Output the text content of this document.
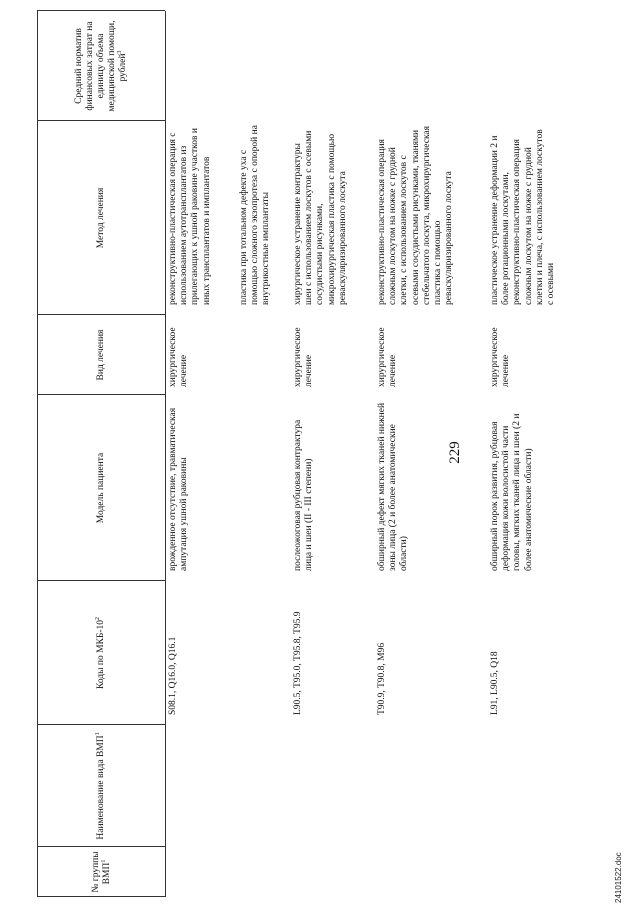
229
24101522.doc
№ группы ВМП$^1$
Наименование вида ВМП$^1$
Коды по МКБ-$10^2$
Модель пациента
Вид лечения
Метод лечения
Средний норматив финансовых затрат на единицу объема медицинской помощи, рублей$^3$
S08.1, Q16.0, Q16.1
врожденное отсутствие, травматическая ампутация ушной раковины
хирургическое лечение
реконструктивно-пластическая операция с использованием аутотрансплантатов из прилегающих к ушной раковине участков и иных трансплантатов и имплантатов	пластика при тотальном дефекте уха с помощью сложного экзопротеза с опорой на внутрикостные имплантаты
L90.5, T95.0, T95.8, T95.9
послеожоговая рубцовая контрактура лица и шеи (II - III степени)
хирургическое лечение
хирургическое устранение контрактуры шеи с использованием лоскутов с осевыми сосудистыми рисунками, микрохирургическая пластика с помощью реваскуляризированного лоскута
T90.9, T90.8, M96
обширный дефект мягких тканей нижней зоны лица (2 и более анатомические области)
хирургическое лечение
реконструктивно-пластическая операция сложным лоскутом на ножке с грудной клетки, с использованием лоскутов с осевыми сосудистыми рисунками, тканями стебельчатого лоскута, микрохирургическая пластика с помощью реваскуляризированного лоскута
L91, L90.5, Q18
обширный порок развития, рубцовая деформация кожи волосистой части головы, мягких тканей лица и шеи (2 и более анатомические области)
хирургическое лечение
пластическое устранение деформации 2 и более ротационными лоскутами, реконструктивно-пластическая операция сложным лоскутом на ножке с грудной клетки и плеча, с использованием лоскутов с осевыми
